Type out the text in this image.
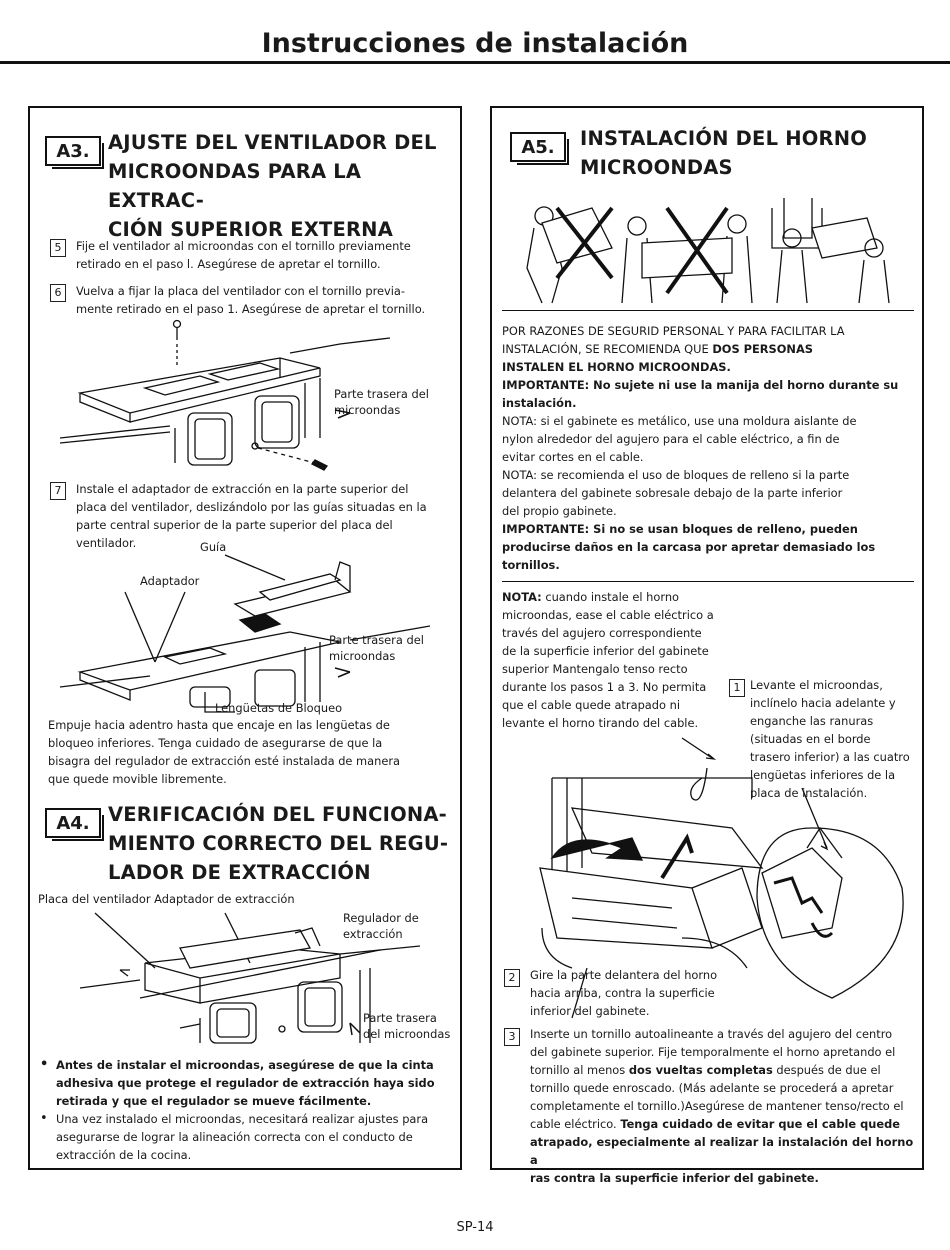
Instrucciones de instalación
A3. AJUSTE DEL VENTILADOR DEL
MICROONDAS PARA LA EXTRAC-
CIÓN SUPERIOR EXTERNA
5	Fije el ventilador al microondas con el tornillo previamente
retirado en el paso l. Asegúrese de apretar el tornillo.
6	Vuelva a fijar la placa del ventilador con el tornillo previa-
mente retirado en el paso 1. Asegúrese de apretar el tornillo.
Parte trasera del
microondas
7	Instale el adaptador de extracción en la parte superior del
placa del ventilador, deslizándolo por las guías situadas en la
parte central superior de la parte superior del placa del
ventilador.	Guía
Adaptador
Parte trasera del
microondas
Lengüetas de Bloqueo
Empuje hacia adentro hasta que encaje en las lengüetas de
bloqueo inferiores. Tenga cuidado de asegurarse de que la
bisagra del regulador de extracción esté instalada de manera
que quede movible libremente.
A4. VERIFICACIÓN DEL FUNCIONA-
MIENTO CORRECTO DEL REGU-
LADOR DE EXTRACCIÓN
Placa del ventilador Adaptador de extracción
Regulador de
extracción
Parte trasera
del microondas
• Antes de instalar el microondas, asegúrese de que la cinta
adhesiva que protege el regulador de extracción haya sido
retirada y que el regulador se mueve fácilmente.
• Una vez instalado el microondas, necesitará realizar ajustes para
asegurarse de lograr la alineación correcta con el conducto de
extracción de la cocina.
A5.	INSTALACIÓN DEL HORNO
MICROONDAS
POR RAZONES DE SEGURID PERSONAL Y PARA FACILITAR LA
INSTALACIÓN, SE RECOMIENDA QUE DOS PERSONAS
INSTALEN EL HORNO MICROONDAS.
IMPORTANTE: No sujete ni use la manija del horno durante su
instalación.
NOTA: si el gabinete es metálico, use una moldura aislante de
nylon alrededor del agujero para el cable eléctrico, a fin de
evitar cortes en el cable.
NOTA: se recomienda el uso de bloques de relleno si la parte
delantera del gabinete sobresale debajo de la parte inferior
del propio gabinete.
IMPORTANTE: Si no se usan bloques de relleno, pueden
producirse daños en la carcasa por apretar demasiado los
tornillos.
NOTA: cuando instale el horno
microondas, ease el cable eléctrico a
través del agujero correspondiente
de la superficie inferior del gabinete
superior Mantengalo tenso recto
durante los pasos 1 a 3. No permita
que el cable quede atrapado ni
levante el horno tirando del cable.
1 Levante el microondas,
inclínelo hacia adelante y
enganche las ranuras
(situadas en el borde
trasero inferior) a las cuatro
lengüetas inferiores de la
placa de instalación.
2	Gire la parte delantera del horno
hacia arriba, contra la superficie
inferior del gabinete.
3	Inserte un tornillo autoalineante a través del agujero del centro
del gabinete superior. Fije temporalmente el horno apretando el
tornillo al menos dos vueltas completas después de due el
tornillo quede enroscado. (Más adelante se procederá a apretar
completamente el tornillo.)Asegúrese de mantener tenso/recto el
cable eléctrico. Tenga cuidado de evitar que el cable quede
atrapado, especialmente al realizar la instalación del horno a
ras contra la superficie inferior del gabinete.
SP-14
